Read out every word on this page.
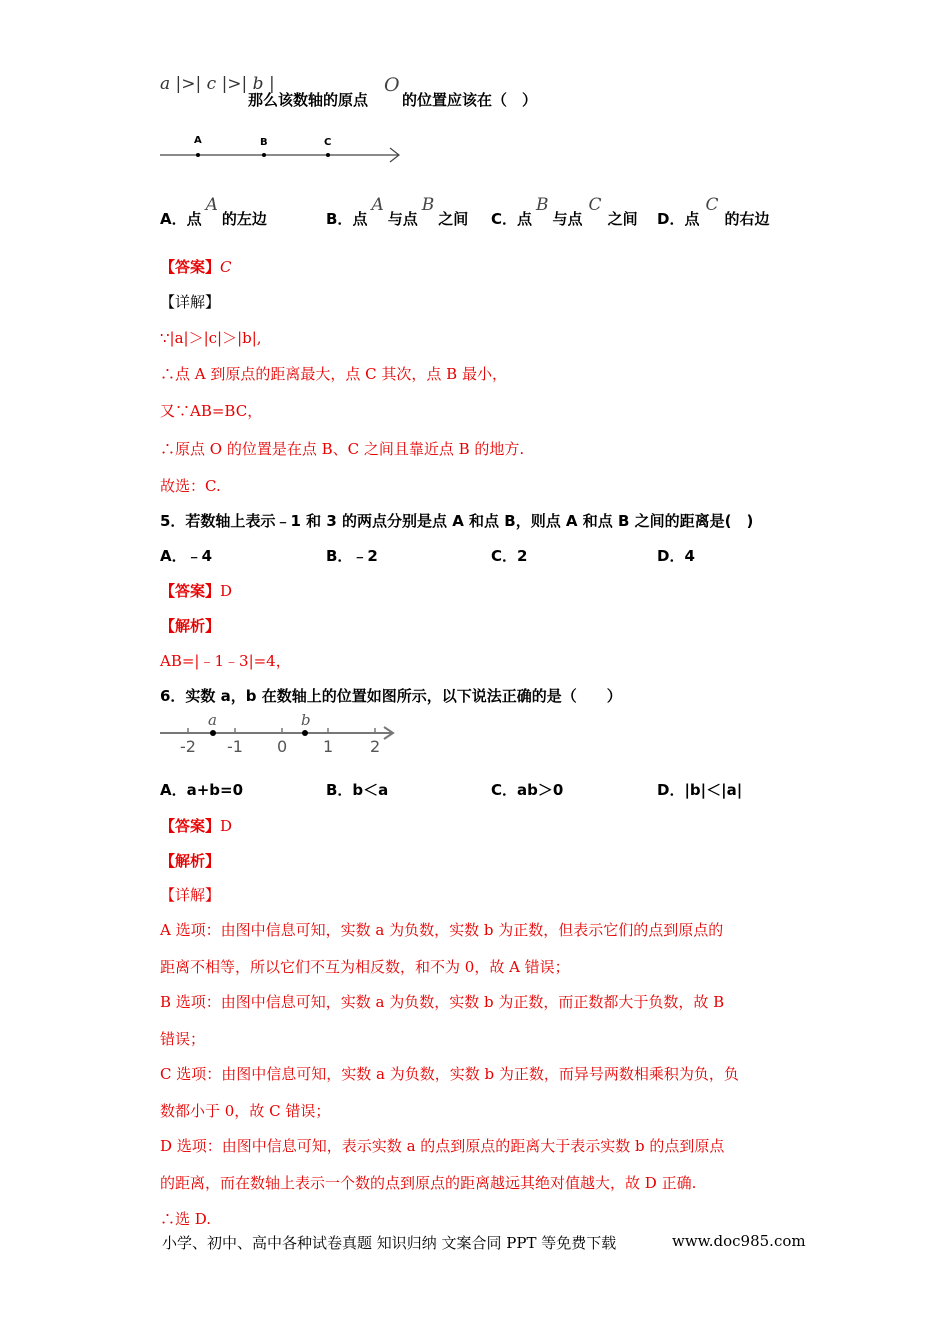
a |>| c |>| b |
那么该数轴的原点
O
的位置应该在（　）
A	B	C
A．点A的左边	B．点A与点B之间 C．点B与点C之间 D．点C的右边
【答案】C
【详解】
∵|a|＞|c|＞|b|,
∴点 A 到原点的距离最大，点 C 其次，点 B 最小，
又∵AB=BC，
∴原点 O 的位置是在点 B、C 之间且靠近点 B 的地方.
故选：C.
5．若数轴上表示﹣1 和 3 的两点分别是点 A 和点 B，则点 A 和点 B 之间的距离是(　)
A．﹣4	B．﹣2	C．2	D．4
【答案】D
【解析】
AB=|﹣1﹣3|=4，
6．实数 a，b 在数轴上的位置如图所示，以下说法正确的是（　　）
-2 -1 0 1 2
a	b
A．a+b=0	B．b＜a	C．ab＞0	D．|b|＜|a|
【答案】D
【解析】
【详解】
A 选项：由图中信息可知，实数 a 为负数，实数 b 为正数，但表示它们的点到原点的
距离不相等，所以它们不互为相反数，和不为 0，故 A 错误；
B 选项：由图中信息可知，实数 a 为负数，实数 b 为正数，而正数都大于负数，故 B
错误；
C 选项：由图中信息可知，实数 a 为负数，实数 b 为正数，而异号两数相乘积为负，负
数都小于 0，故 C 错误；
D 选项：由图中信息可知，表示实数 a 的点到原点的距离大于表示实数 b 的点到原点
的距离，而在数轴上表示一个数的点到原点的距离越远其绝对值越大，故 D 正确.
∴选 D.
小学、初中、高中各种试卷真题 知识归纳 文案合同 PPT 等免费下载	www.doc985.com
